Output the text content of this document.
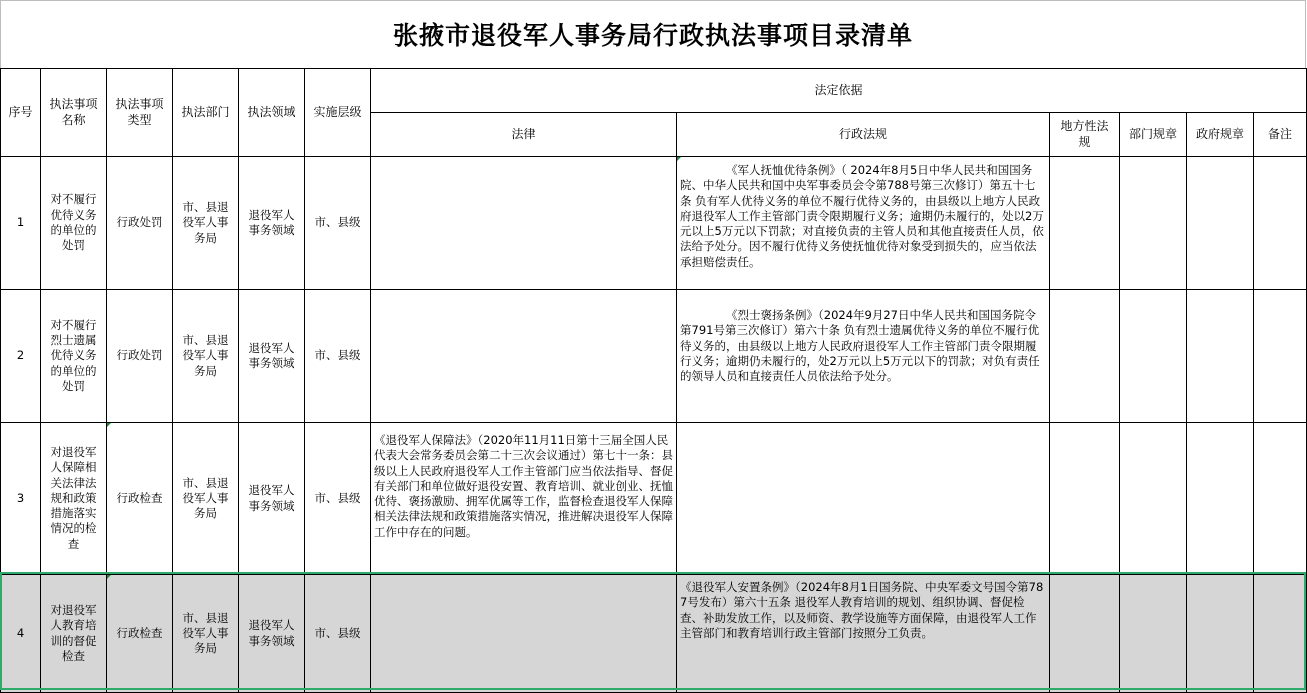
张掖市退役军人事务局行政执法事项目录清单
序号	执法事项名称	执法事项类型	执法部门	执法领域	实施层级	法定依据					
						法律	行政法规	地方性法规	部门规章	政府规章	备注
1	对不履行优待义务的单位的处罚	行政处罚	市、县退役军人事务局	退役军人事务领域	市、县级		《军人抚恤优待条例》（ 2024年8月5日中华人民共和国国务院、中华人民共和国中央军事委员会令第788号第三次修订）第五十七条 负有军人优待义务的单位不履行优待义务的，由县级以上地方人民政府退役军人工作主管部门责令限期履行义务；逾期仍未履行的，处以2万元以上5万元以下罚款；对直接负责的主管人员和其他直接责任人员，依法给予处分。因不履行优待义务使抚恤优待对象受到损失的，应当依法承担赔偿责任。				
2	对不履行烈士遗属优待义务的单位的处罚	行政处罚	市、县退役军人事务局	退役军人事务领域	市、县级		《烈士褒扬条例》（2024年9月27日中华人民共和国国务院令第791号第三次修订）第六十条 负有烈士遗属优待义务的单位不履行优待义务的，由县级以上地方人民政府退役军人工作主管部门责令限期履行义务；逾期仍未履行的，处2万元以上5万元以下的罚款；对负有责任的领导人员和直接责任人员依法给予处分。				
3	对退役军人保障相关法律法规和政策措施落实情况的检查	行政检查	市、县退役军人事务局	退役军人事务领域	市、县级	《退役军人保障法》（2020年11月11日第十三届全国人民代表大会常务委员会第二十三次会议通过）第七十一条：县级以上人民政府退役军人工作主管部门应当依法指导、督促有关部门和单位做好退役安置、教育培训、就业创业、抚恤优待、褒扬激励、拥军优属等工作，监督检查退役军人保障相关法律法规和政策措施落实情况，推进解决退役军人保障工作中存在的问题。					
4	对退役军人教育培训的督促检查	行政检查	市、县退役军人事务局	退役军人事务领域	市、县级		《退役军人安置条例》（2024年8月1日国务院、中央军委文号国令第787号发布）第六十五条 退役军人教育培训的规划、组织协调、督促检查、补助发放工作，以及师资、教学设施等方面保障，由退役军人工作主管部门和教育培训行政主管部门按照分工负责。				
